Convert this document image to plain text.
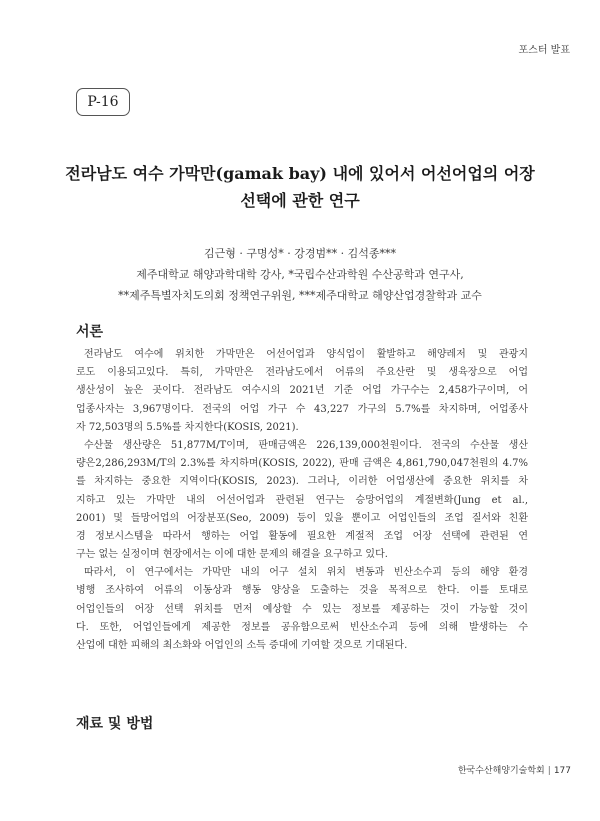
포스터 발표
P-16
전라남도 여수 가막만(gamak bay) 내에 있어서 어선어업의 어장
선택에 관한 연구
김근형 · 구명성* · 강경범** · 김석종***
제주대학교 해양과학대학 강사, *국립수산과학원 수산공학과 연구사,
**제주특별자치도의회 정책연구위원, ***제주대학교 해양산업경찰학과 교수
서론
전라남도 여수에 위치한 가막만은 어선어업과 양식업이 활발하고 해양레저 및 관광지
로도 이용되고있다. 특히, 가막만은 전라남도에서 어류의 주요산란 및 생육장으로 어업
생산성이 높은 곳이다. 전라남도 여수시의 2021년 기준 어업 가구수는 2,458가구이며, 어
업종사자는 3,967명이다. 전국의 어업 가구 수 43,227 가구의 5.7%를 차지하며, 어업종사
자 72,503명의 5.5%를 차지한다(KOSIS, 2021).
수산물 생산량은 51,877M/T이며, 판매금액은 226,139,000천원이다. 전국의 수산물 생산
량은2,286,293M/T의 2.3%를 차지하며(KOSIS, 2022), 판매 금액은 4,861,790,047천원의 4.7%
를 차지하는 중요한 지역이다(KOSIS, 2023). 그러나, 이러한 어업생산에 중요한 위치를 차
지하고 있는 가막만 내의 어선어업과 관련된 연구는 승망어업의 계절변화(Jung et al.,
2001) 및 들망어업의 어장분포(Seo, 2009) 등이 있을 뿐이고 어업인들의 조업 질서와 친환
경 정보시스템을 따라서 행하는 어업 활동에 필요한 계절적 조업 어장 선택에 관련된 연
구는 없는 실정이며 현장에서는 이에 대한 문제의 해결을 요구하고 있다.
따라서, 이 연구에서는 가막만 내의 어구 설치 위치 변동과 빈산소수괴 등의 해양 환경
병행 조사하여 어류의 이동상과 행동 양상을 도출하는 것을 목적으로 한다. 이를 토대로
어업인들의 어장 선택 위치를 먼저 예상할 수 있는 정보를 제공하는 것이 가능할 것이
다. 또한, 어업인들에게 제공한 정보를 공유함으로써 빈산소수괴 등에 의해 발생하는 수
산업에 대한 피해의 최소화와 어업인의 소득 증대에 기여할 것으로 기대된다.
재료 및 방법
한국수산해양기술학회 | 177
